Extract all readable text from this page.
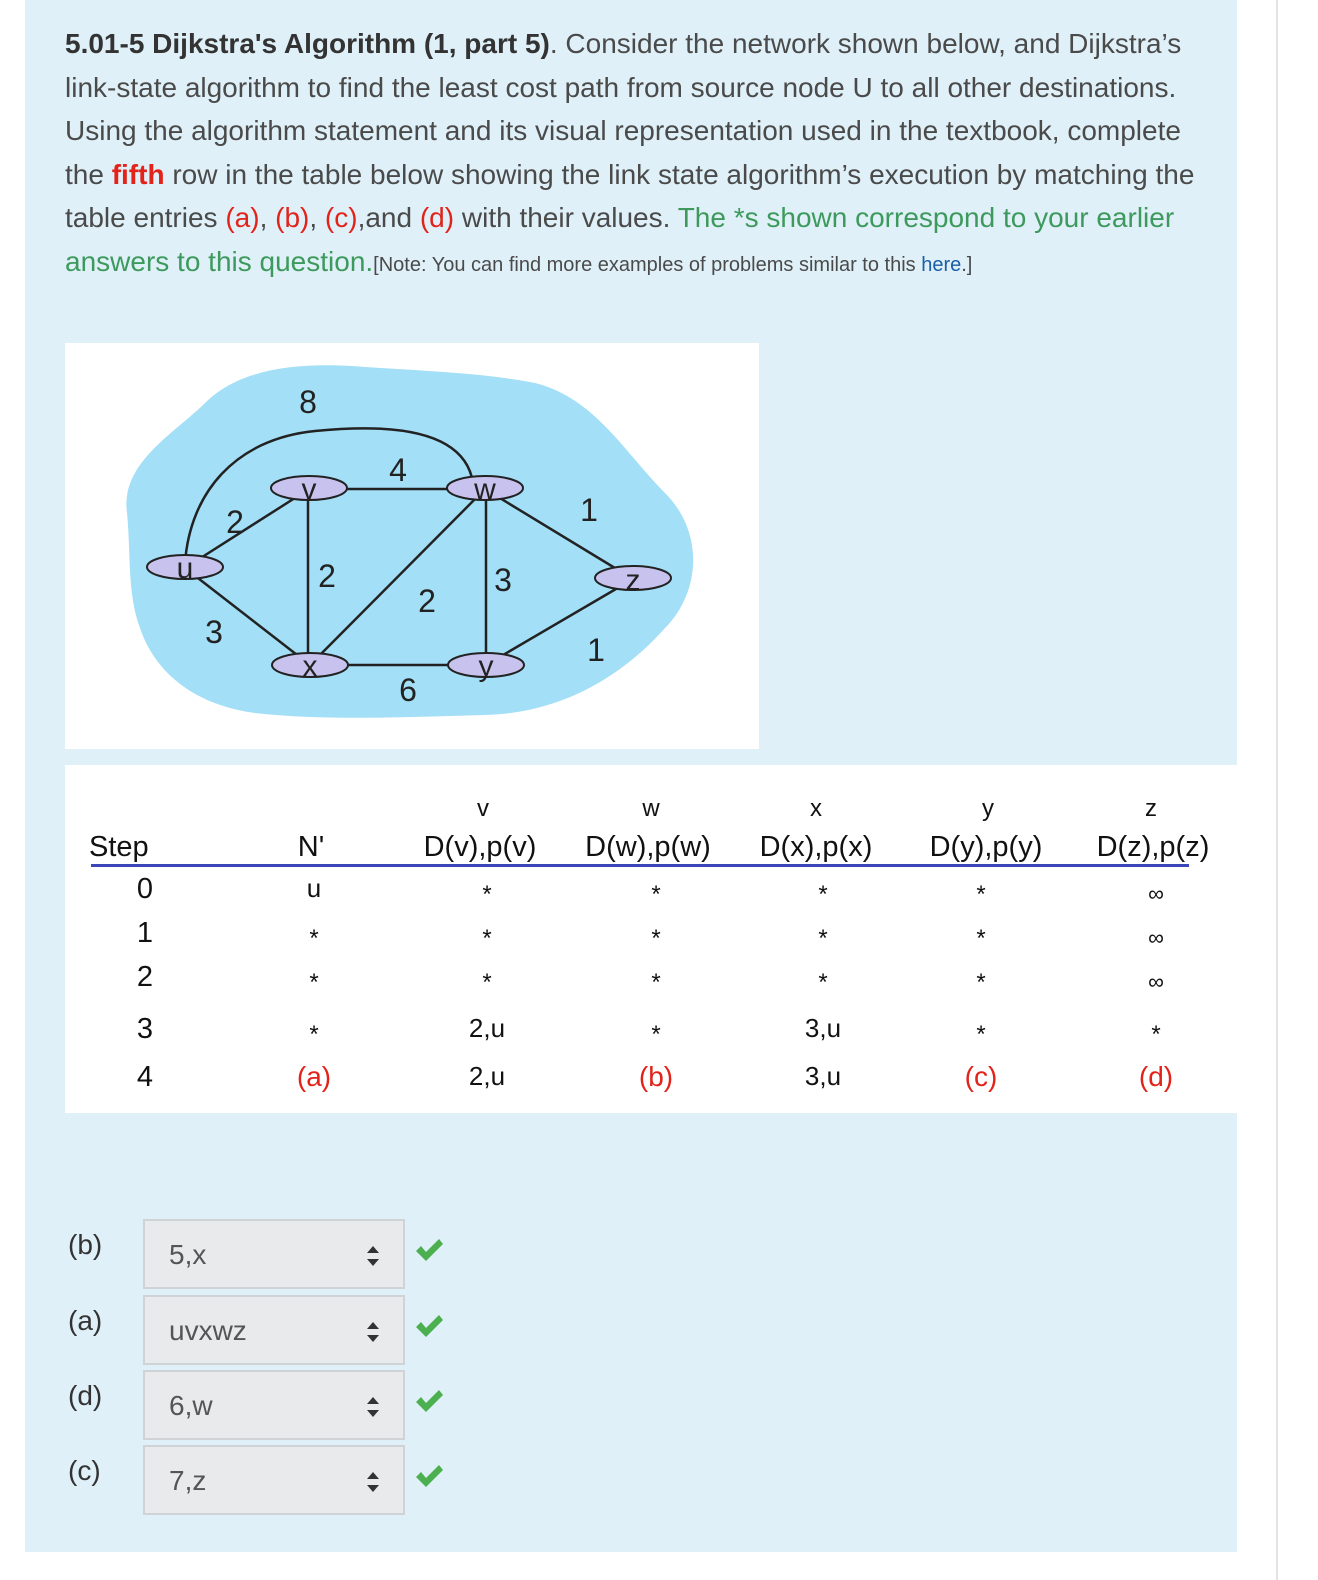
5.01-5 Dijkstra's Algorithm (1, part 5). Consider the network shown below, and Dijkstra’s link-state algorithm to find the least cost path from source node U to all other destinations. Using the algorithm statement and its visual representation used in the textbook, complete the fifth row in the table below showing the link state algorithm’s execution by matching the table entries (a), (b), (c),and (d) with their values. The *s shown correspond to your earlier answers to this question.[Note: You can find more examples of problems similar to this here.]
u
v	w
z
x	y
8
4
2	1
2
2
3
3	1
6
v	w	x	y	z
Step	N'	D(v),p(v) D(w),p(w) D(x),p(x) D(y),p(y) D(z),p(z)
0	u	*	*	*	*	∞
1	*	*	*	*	*	∞
2	*	*	*	*	*	∞
3	*	2,u	*	3,u	*	*
4	(a)	2,u	(b)	3,u	(c)	(d)
(b) 5,x
(a) uvxwz
(d) 6,w
(c) 7,z
